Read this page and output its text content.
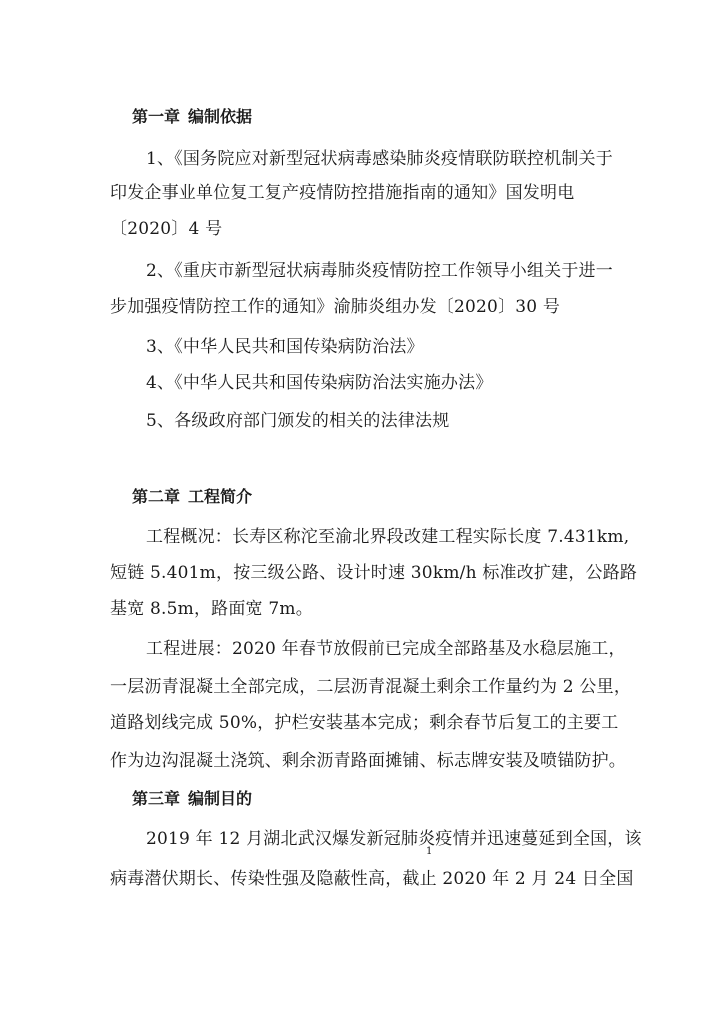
第一章 编制依据
1、《国务院应对新型冠状病毒感染肺炎疫情联防联控机制关于
印发企事业单位复工复产疫情防控措施指南的通知》国发明电
〔2020〕4 号
2、《重庆市新型冠状病毒肺炎疫情防控工作领导小组关于进一
步加强疫情防控工作的通知》渝肺炎组办发〔2020〕30 号
3、《中华人民共和国传染病防治法》
4、《中华人民共和国传染病防治法实施办法》
5、各级政府部门颁发的相关的法律法规
第二章 工程简介
工程概况：长寿区称沱至渝北界段改建工程实际长度 7.431km,
短链 5.401m，按三级公路、设计时速 30km/h 标准改扩建，公路路
基宽 8.5m，路面宽 7m。
工程进展：2020 年春节放假前已完成全部路基及水稳层施工，
一层沥青混凝土全部完成，二层沥青混凝土剩余工作量约为 2 公里，
道路划线完成 50%，护栏安装基本完成；剩余春节后复工的主要工
作为边沟混凝土浇筑、剩余沥青路面摊铺、标志牌安装及喷锚防护。
第三章 编制目的
2019 年 12 月湖北武汉爆发新冠肺炎疫情并迅速蔓延到全国，该
1
病毒潜伏期长、传染性强及隐蔽性高，截止 2020 年 2 月 24 日全国
